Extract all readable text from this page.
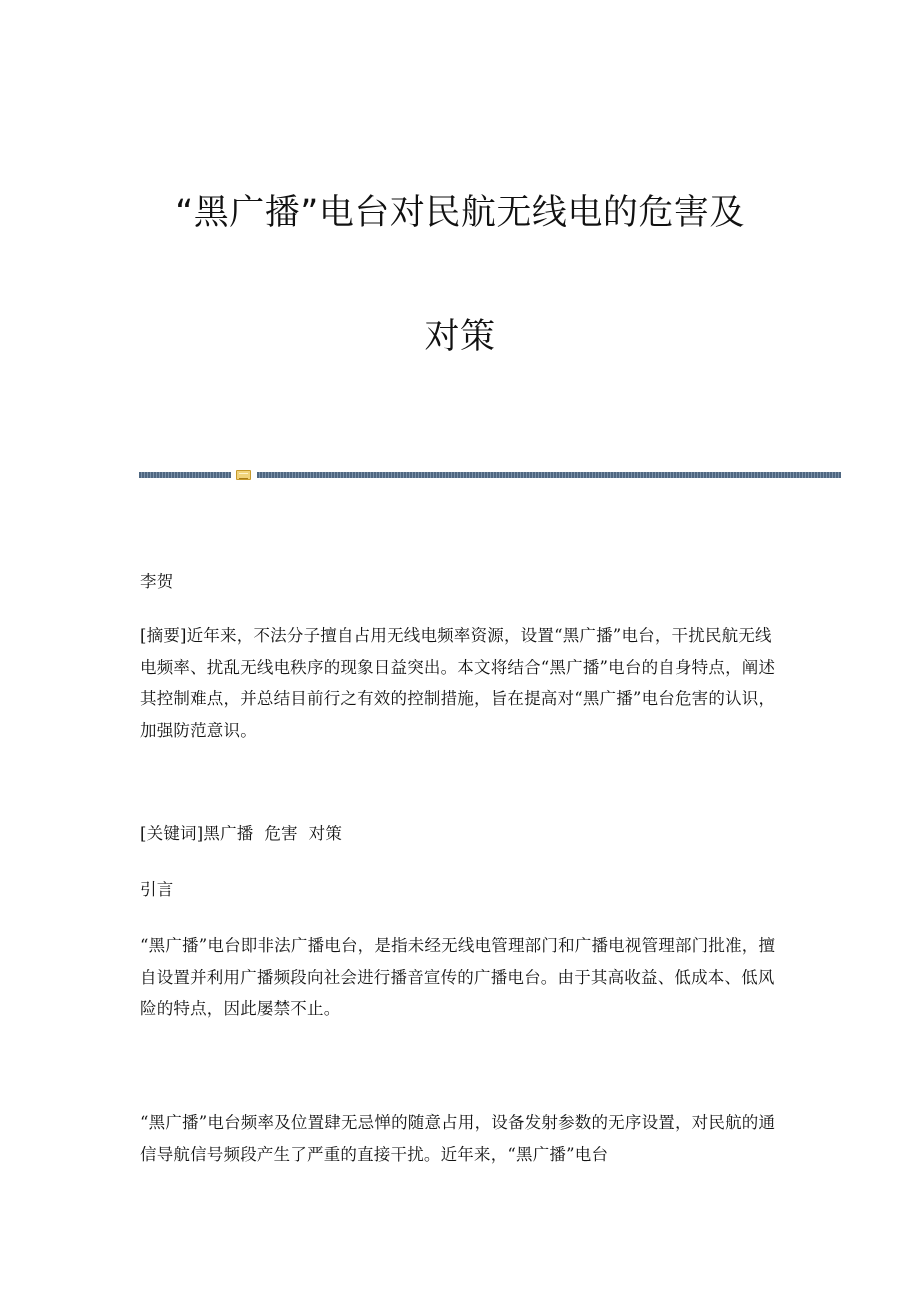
“黑广播”电台对民航无线电的危害及
对策

李贺

[摘要]近年来，不法分子擅自占用无线电频率资源，设置“黑广播”电台，干扰民航无线电频率、扰乱无线电秩序的现象日益突出。本文将结合“黑广播”电台的自身特点，阐述其控制难点，并总结目前行之有效的控制措施，旨在提高对“黑广播”电台危害的认识，加强防范意识。

[关键词]黑广播  危害  对策

引言

“黑广播”电台即非法广播电台，是指未经无线电管理部门和广播电视管理部门批准，擅自设置并利用广播频段向社会进行播音宣传的广播电台。由于其高收益、低成本、低风险的特点，因此屡禁不止。

“黑广播”电台频率及位置肆无忌惮的随意占用，设备发射参数的无序设置，对民航的通信导航信号频段产生了严重的直接干扰。近年来，“黑广播”电台
